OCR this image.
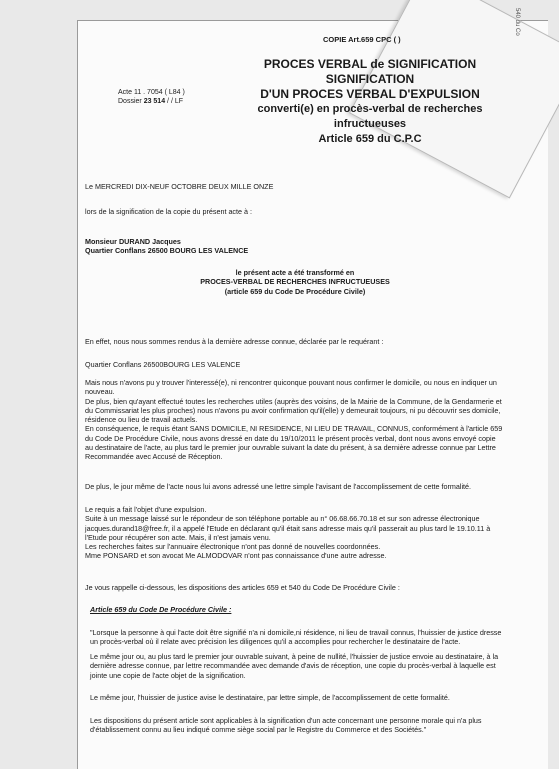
540 du Co
COPIE Art.659 CPC ( )
Acte 11 . 7054 ( L84 )
Dossier 23 514 / / LF
PROCES VERBAL de SIGNIFICATION
SIGNIFICATION
D'UN PROCES VERBAL D'EXPULSION
converti(e) en procès-verbal de recherches
infructueuses
Article 659 du C.P.C
Le MERCREDI DIX-NEUF OCTOBRE DEUX MILLE ONZE
lors de la signification de la copie du présent acte à :
Monsieur DURAND Jacques
Quartier Conflans 26500 BOURG LES VALENCE
le présent acte a été transformé en
PROCES-VERBAL DE RECHERCHES INFRUCTUEUSES
(article 659 du Code De Procédure Civile)
En effet, nous nous sommes rendus à la dernière adresse connue, déclarée par le requérant :
Quartier Conflans 26500BOURG LES VALENCE
Mais nous n'avons pu y trouver l'interessé(e), ni rencontrer quiconque pouvant nous confirmer le domicile, ou nous en indiquer un
nouveau.
De plus, bien qu'ayant effectué toutes les recherches utiles (auprès des voisins, de la Mairie de la Commune, de la Gendarmerie et
du Commissariat les plus proches) nous n'avons pu avoir confirmation qu'il(elle) y demeurait toujours, ni pu découvrir ses domicile,
résidence ou lieu de travail actuels.
En conséquence, le requis étant SANS DOMICILE, NI RESIDENCE, NI LIEU DE TRAVAIL, CONNUS, conformément à l'article 659
du Code De Procédure Civile, nous avons dressé en date du 19/10/2011 le présent procès verbal, dont nous avons envoyé copie
au destinataire de l'acte, au plus tard le premier jour ouvrable suivant la date du présent, à sa dernière adresse connue par Lettre
Recommandée avec Accusé de Réception.
De plus, le jour même de l'acte nous lui avons adressé une lettre simple l'avisant de l'accomplissement de cette formalité.
Le requis a fait l'objet d'une expulsion.
Suite à un message laissé sur le répondeur de son téléphone portable au n° 06.68.66.70.18 et sur son adresse électronique
jacques.durand18@free.fr, il a appelé l'Etude en déclarant qu'il était sans adresse mais qu'il passerait au plus tard le 19.10.11 à
l'Etude pour récupérer son acte. Mais, il n'est jamais venu.
Les recherches faites sur l'annuaire électronique n'ont pas donné de nouvelles coordonnées.
Mme PONSARD et son avocat Me ALMODOVAR n'ont pas connaissance d'une autre adresse.
Je vous rappelle ci-dessous, les dispositions des articles 659 et 540 du Code De Procédure Civile :
Article 659 du Code De Procédure Civile :
"Lorsque la personne à qui l'acte doit être signifié n'a ni domicile,ni résidence, ni lieu de travail connus, l'huissier de justice dresse
un procès-verbal où il relate avec précision les diligences qu'il a accomplies pour rechercher le destinataire de l'acte.
Le même jour ou, au plus tard le premier jour ouvrable suivant, à peine de nullité, l'huissier de justice envoie au destinataire, à la
dernière adresse connue, par lettre recommandée avec demande d'avis de réception, une copie du procès-verbal à laquelle est
jointe une copie de l'acte objet de la signification.
Le même jour, l'huissier de justice avise le destinataire, par lettre simple, de l'accomplissement de cette formalité.
Les dispositions du présent article sont applicables à la signification d'un acte concernant une personne morale qui n'a plus
d'établissement connu au lieu indiqué comme siège social par le Registre du Commerce et des Sociétés."
